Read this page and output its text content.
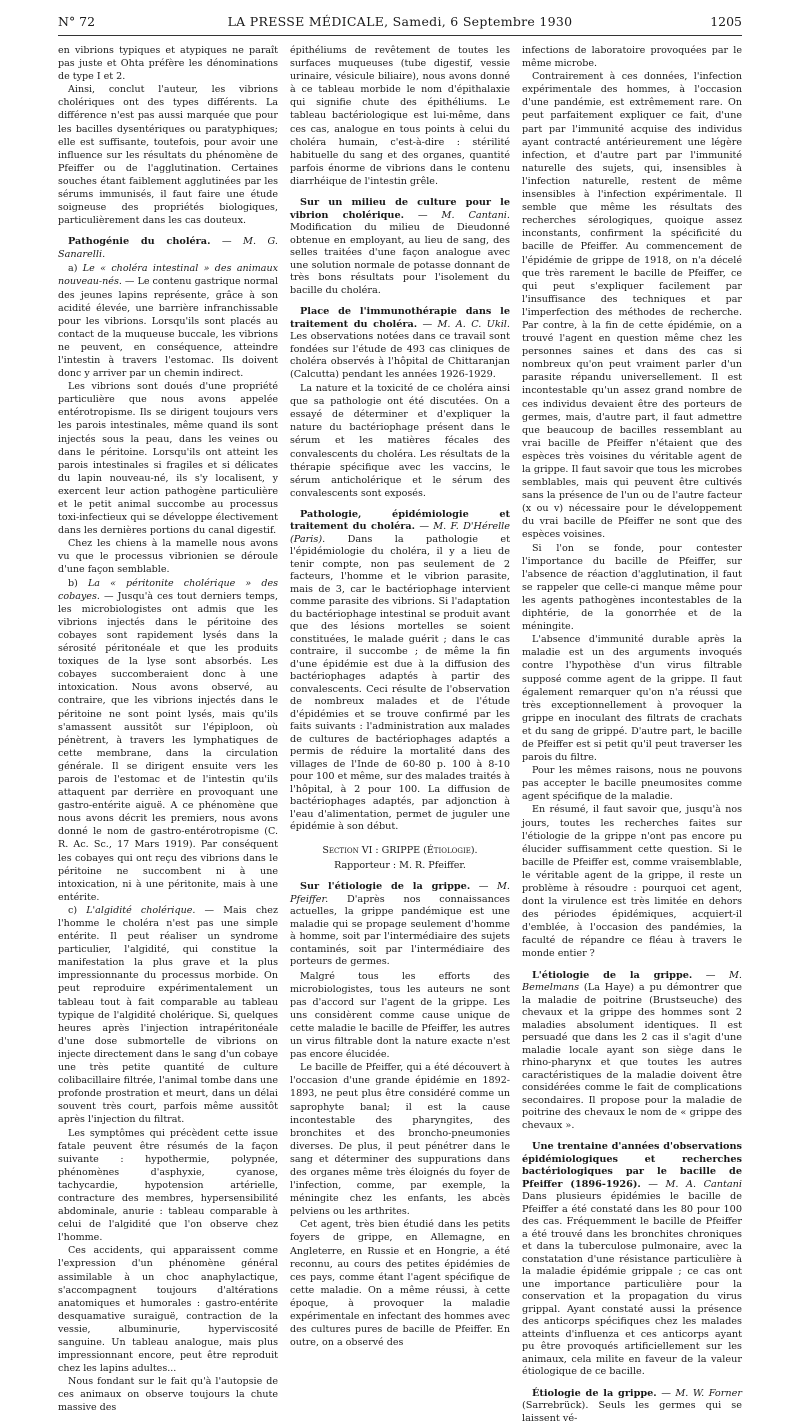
N° 72	LA PRESSE MÉDICALE, Samedi, 6 Septembre 1930	1205

en vibrions typiques et atypiques ne paraît pas juste et Ohta préfère les dénominations de type I et 2.

Ainsi, conclut l'auteur, les vibrions cholériques ont des types différents. La différence n'est pas aussi marquée que pour les bacilles dysentériques ou paratyphiques; elle est suffisante, toutefois, pour avoir une influence sur les résultats du phénomène de Pfeiffer ou de l'agglutination. Certaines souches étant faiblement agglutinées par les sérums immunisés, il faut faire une étude soigneuse des propriétés biologiques, particulièrement dans les cas douteux.

Pathogénie du choléra. — M. G. Sanarelli.

a) Le « choléra intestinal » des animaux nouveau-nés. — Le contenu gastrique normal des jeunes lapins représente, grâce à son acidité élevée, une barrière infranchissable pour les vibrions. Lorsqu'ils sont placés au contact de la muqueuse buccale, les vibrions ne peuvent, en conséquence, atteindre l'intestin à travers l'estomac. Ils doivent donc y arriver par un chemin indirect.

Les vibrions sont doués d'une propriété particulière que nous avons appelée entérotropisme. Ils se dirigent toujours vers les parois intestinales, même quand ils sont injectés sous la peau, dans les veines ou dans le péritoine. Lorsqu'ils ont atteint les parois intestinales si fragiles et si délicates du lapin nouveau-né, ils s'y localisent, y exercent leur action pathogène particulière et le petit animal succombe au processus toxi-infectieux qui se développe électivement dans les dernières portions du canal digestif.

Chez les chiens à la mamelle nous avons vu que le processus vibrionien se déroule d'une façon semblable.

b) La « péritonite cholérique » des cobayes. — Jusqu'à ces tout derniers temps, les microbiologistes ont admis que les vibrions injectés dans le péritoine des cobayes sont rapidement lysés dans la sérosité péritonéale et que les produits toxiques de la lyse sont absorbés. Les cobayes succomberaient donc à une intoxication. Nous avons observé, au contraire, que les vibrions injectés dans le péritoine ne sont point lysés, mais qu'ils s'amassent aussitôt sur l'épiploon, où pénètrent, à travers les lymphatiques de cette membrane, dans la circulation générale. Il se dirigent ensuite vers les parois de l'estomac et de l'intestin qu'ils attaquent par derrière en provoquant une gastro-entérite aiguë. A ce phénomène que nous avons décrit les premiers, nous avons donné le nom de gastro-entérotropisme (C. R. Ac. Sc., 17 Mars 1919). Par conséquent les cobayes qui ont reçu des vibrions dans le péritoine ne succombent ni à une intoxication, ni à une péritonite, mais à une entérite.

c) L'algidité cholérique. — Mais chez l'homme le choléra n'est pas une simple entérite. Il peut réaliser un syndrome particulier, l'algidité, qui constitue la manifestation la plus grave et la plus impressionnante du processus morbide. On peut reproduire expérimentalement un tableau tout à fait comparable au tableau typique de l'algidité cholérique. Si, quelques heures après l'injection intrapéritonéale d'une dose submortelle de vibrions on injecte directement dans le sang d'un cobaye une très petite quantité de culture colibacillaire filtrée, l'animal tombe dans une profonde prostration et meurt, dans un délai souvent très court, parfois même aussitôt après l'injection du filtrat.

Les symptômes qui précèdent cette issue fatale peuvent être résumés de la façon suivante : hypothermie, polypnée, phénomènes d'asphyxie, cyanose, tachycardie, hypotension artérielle, contracture des membres, hypersensibilité abdominale, anurie : tableau comparable à celui de l'algidité que l'on observe chez l'homme.

Ces accidents, qui apparaissent comme l'expression d'un phénomène général assimilable à un choc anaphylactique, s'accompagnent toujours d'altérations anatomiques et humorales : gastro-entérite desquamative suraiguë, contraction de la vessie, albuminurie, hyperviscosité sanguine. Un tableau analogue, mais plus impressionnant encore, peut être reproduit chez les lapins adultes...

Nous fondant sur le fait qu'à l'autopsie de ces animaux on observe toujours la chute massive des

épithéliums de revêtement de toutes les surfaces muqueuses (tube digestif, vessie urinaire, vésicule biliaire), nous avons donné à ce tableau morbide le nom d'épithalaxie qui signifie chute des épithéliums. Le tableau bactériologique est lui-même, dans ces cas, analogue en tous points à celui du choléra humain, c'est-à-dire : stérilité habituelle du sang et des organes, quantité parfois énorme de vibrions dans le contenu diarrhéique de l'intestin grêle.

Sur un milieu de culture pour le vibrion cholérique. — M. Cantani. Modification du milieu de Dieudonné obtenue en employant, au lieu de sang, des selles traitées d'une façon analogue avec une solution normale de potasse donnant de très bons résultats pour l'isolement du bacille du choléra.
Place de l'immunothérapie dans le traitement du choléra. — M. A. C. Ukil. Les observations notées dans ce travail sont fondées sur l'étude de 493 cas cliniques de choléra observés à l'hôpital de Chittaranjan (Calcutta) pendant les années 1926-1929.

La nature et la toxicité de ce choléra ainsi que sa pathologie ont été discutées. On a essayé de déterminer et d'expliquer la nature du bactériophage présent dans le sérum et les matières fécales des convalescents du choléra. Les résultats de la thérapie spécifique avec les vaccins, le sérum anticholérique et le sérum des convalescents sont exposés.

Pathologie, épidémiologie et traitement du choléra. — M. F. D'Hérelle (Paris). Dans la pathologie et l'épidémiologie du choléra, il y a lieu de tenir compte, non pas seulement de 2 facteurs, l'homme et le vibrion parasite, mais de 3, car le bactériophage intervient comme parasite des vibrions. Si l'adaptation du bactériophage intestinal se produit avant que des lésions mortelles se soient constituées, le malade guérit ; dans le cas contraire, il succombe ; de même la fin d'une épidémie est due à la diffusion des bactériophages adaptés à partir des convalescents. Ceci résulte de l'observation de nombreux malades et de l'étude d'épidémies et se trouve confirmé par les faits suivants : l'administration aux malades de cultures de bactériophages adaptés a permis de réduire la mortalité dans des villages de l'Inde de 60-80 p. 100 à 8-10 pour 100 et même, sur des malades traités à l'hôpital, à 2 pour 100. La diffusion de bactériophages adaptés, par adjonction à l'eau d'alimentation, permet de juguler une épidémie à son début.

Section VI : GRIPPE (Étiologie).

Rapporteur : M. R. Pfeiffer.

Sur l'étiologie de la grippe. — M. Pfeiffer. D'après nos connaissances actuelles, la grippe pandémique est une maladie qui se propage seulement d'homme à homme, soit par l'intermédiaire des sujets contaminés, soit par l'intermédiaire des porteurs de germes.

Malgré tous les efforts des microbiologistes, tous les auteurs ne sont pas d'accord sur l'agent de la grippe. Les uns considèrent comme cause unique de cette maladie le bacille de Pfeiffer, les autres un virus filtrable dont la nature exacte n'est pas encore élucidée.

Le bacille de Pfeiffer, qui a été découvert à l'occasion d'une grande épidémie en 1892-1893, ne peut plus être considéré comme un saprophyte banal; il est la cause incontestable des pharyngites, des bronchites et des broncho-pneumonies diverses. De plus, il peut pénétrer dans le sang et déterminer des suppurations dans des organes même très éloignés du foyer de l'infection, comme, par exemple, la méningite chez les enfants, les abcès pelviens ou les arthrites.

Cet agent, très bien étudié dans les petits foyers de grippe, en Allemagne, en Angleterre, en Russie et en Hongrie, a été reconnu, au cours des petites épidémies de ces pays, comme étant l'agent spécifique de cette maladie. On a même réussi, à cette époque, à provoquer la maladie expérimentale en infectant des hommes avec des cultures pures de bacille de Pfeiffer. En outre, on a observé des

infections de laboratoire provoquées par le même microbe.

Contrairement à ces données, l'infection expérimentale des hommes, à l'occasion d'une pandémie, est extrêmement rare. On peut parfaitement expliquer ce fait, d'une part par l'immunité acquise des individus ayant contracté antérieurement une légère infection, et d'autre part par l'immunité naturelle des sujets, qui, insensibles à l'infection naturelle, restent de même insensibles à l'infection expérimentale. Il semble que même les résultats des recherches sérologiques, quoique assez inconstants, confirment la spécificité du bacille de Pfeiffer. Au commencement de l'épidémie de grippe de 1918, on n'a décelé que très rarement le bacille de Pfeiffer, ce qui peut s'expliquer facilement par l'insuffisance des techniques et par l'imperfection des méthodes de recherche. Par contre, à la fin de cette épidémie, on a trouvé l'agent en question même chez les personnes saines et dans des cas si nombreux qu'on peut vraiment parler d'un parasite répandu universellement. Il est incontestable qu'un assez grand nombre de ces individus devaient être des porteurs de germes, mais, d'autre part, il faut admettre que beaucoup de bacilles ressemblant au vrai bacille de Pfeiffer n'étaient que des espèces très voisines du véritable agent de la grippe. Il faut savoir que tous les microbes semblables, mais qui peuvent être cultivés sans la présence de l'un ou de l'autre facteur (x ou v) nécessaire pour le développement du vrai bacille de Pfeiffer ne sont que des espèces voisines.

Si l'on se fonde, pour contester l'importance du bacille de Pfeiffer, sur l'absence de réaction d'agglutination, il faut se rappeler que celle-ci manque même pour les agents pathogènes incontestables de la diphtérie, de la gonorrhée et de la méningite.

L'absence d'immunité durable après la maladie est un des arguments invoqués contre l'hypothèse d'un virus filtrable supposé comme agent de la grippe. Il faut également remarquer qu'on n'a réussi que très exceptionnellement à provoquer la grippe en inoculant des filtrats de crachats et du sang de grippé. D'autre part, le bacille de Pfeiffer est si petit qu'il peut traverser les parois du filtre.

Pour les mêmes raisons, nous ne pouvons pas accepter le bacille pneumosites comme agent spécifique de la maladie.

En résumé, il faut savoir que, jusqu'à nos jours, toutes les recherches faites sur l'étiologie de la grippe n'ont pas encore pu élucider suffisamment cette question. Si le bacille de Pfeiffer est, comme vraisemblable, le véritable agent de la grippe, il reste un problème à résoudre : pourquoi cet agent, dont la virulence est très limitée en dehors des périodes épidémiques, acquiert-il d'emblée, à l'occasion des pandémies, la faculté de répandre ce fléau à travers le monde entier ?

L'étiologie de la grippe. — M. Bemelmans (La Haye) a pu démontrer que la maladie de poitrine (Brustseuche) des chevaux et la grippe des hommes sont 2 maladies absolument identiques. Il est persuadé que dans les 2 cas il s'agit d'une maladie locale ayant son siège dans le rhino-pharynx et que toutes les autres caractéristiques de la maladie doivent être considérées comme le fait de complications secondaires. Il propose pour la maladie de poitrine des chevaux le nom de « grippe des chevaux ».
Une trentaine d'années d'observations épidémiologiques et recherches bactériologiques par le bacille de Pfeiffer (1896-1926). — M. A. Cantani Dans plusieurs épidémies le bacille de Pfeiffer a été constaté dans les 80 pour 100 des cas. Fréquemment le bacille de Pfeiffer a été trouvé dans les bronchites chroniques et dans la tuberculose pulmonaire, avec la constatation d'une résistance particulière à la maladie épidémie grippale ; ce cas ont une importance particulière pour la conservation et la propagation du virus grippal. Ayant constaté aussi la présence des anticorps spécifiques chez les malades atteints d'influenza et ces anticorps ayant pu être provoqués artificiellement sur les animaux, cela milite en faveur de la valeur étiologique de ce bacille.
Étiologie de la grippe. — M. W. Forner (Sarrebrück). Seuls les germes qui se laissent vé-
